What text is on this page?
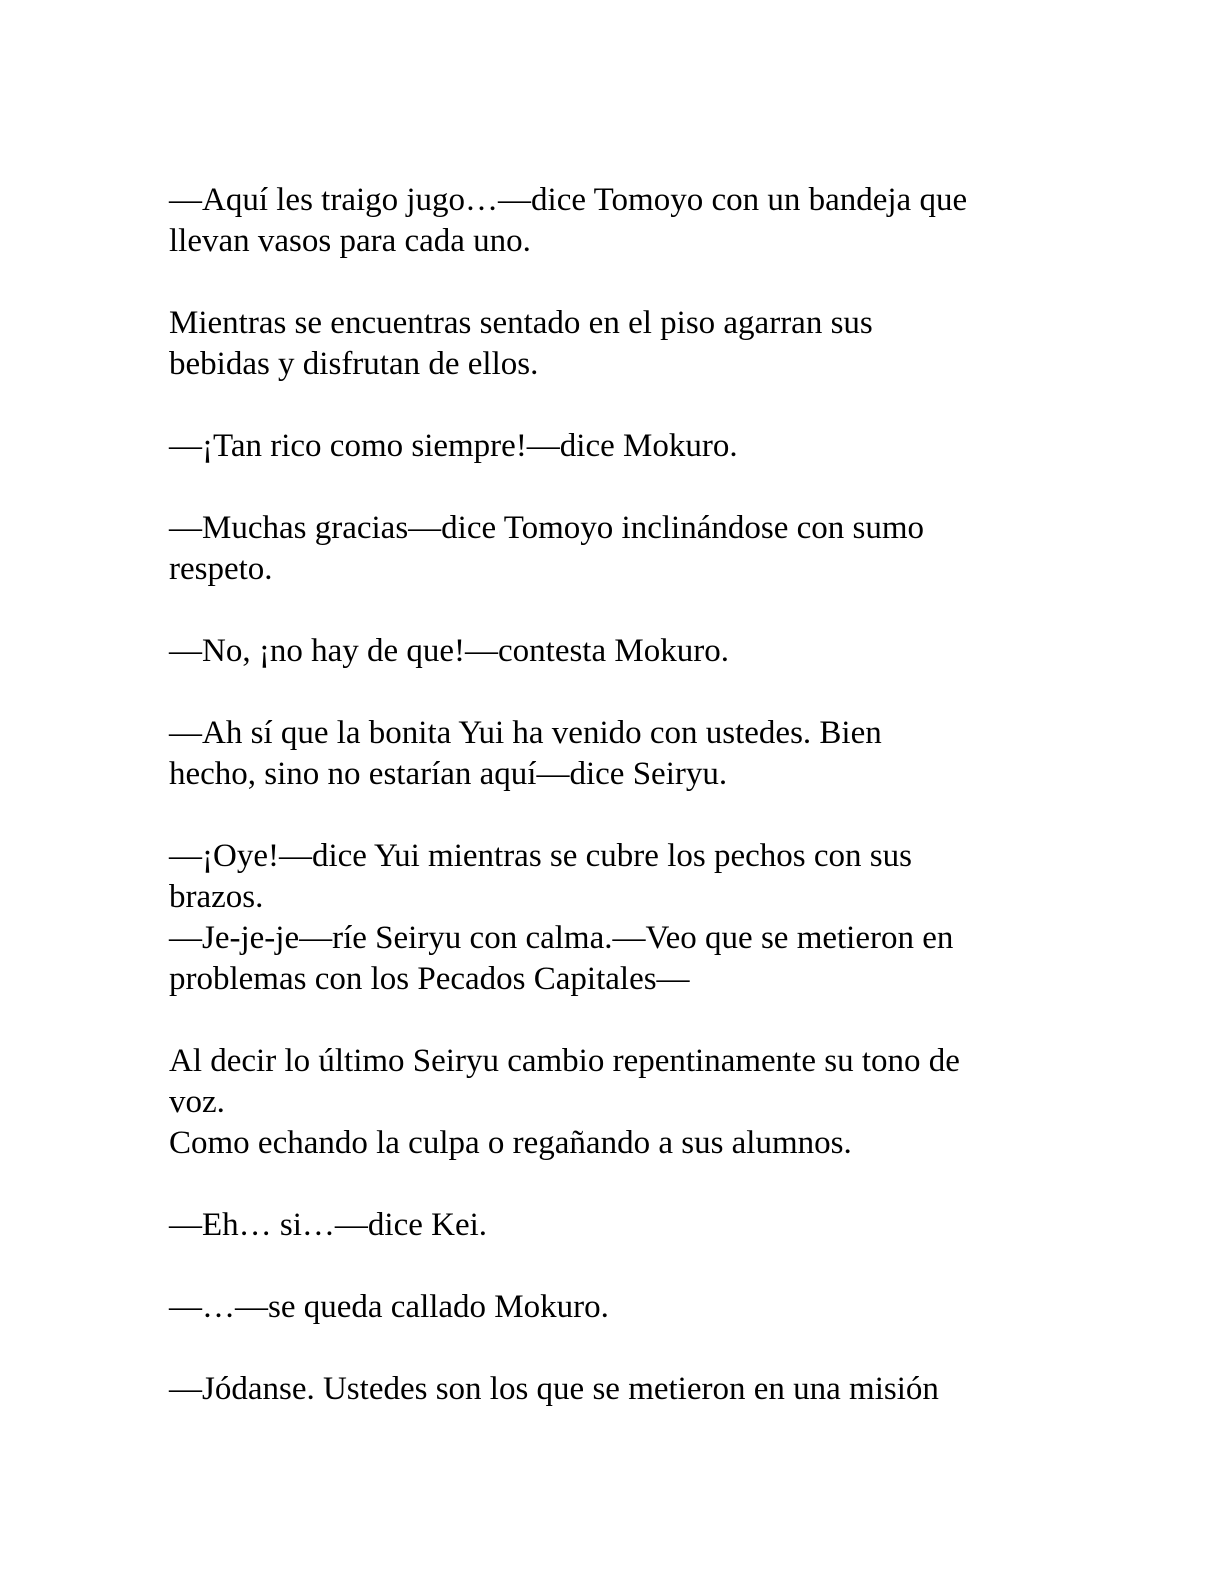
—Aquí les traigo jugo…—dice Tomoyo con un bandeja que
llevan vasos para cada uno.

Mientras se encuentras sentado en el piso agarran sus
bebidas y disfrutan de ellos.

—¡Tan rico como siempre!—dice Mokuro.

—Muchas gracias—dice Tomoyo inclinándose con sumo
respeto.

—No, ¡no hay de que!—contesta Mokuro.

—Ah sí que la bonita Yui ha venido con ustedes. Bien
hecho, sino no estarían aquí—dice Seiryu.

—¡Oye!—dice Yui mientras se cubre los pechos con sus
brazos.

—Je-je-je—ríe Seiryu con calma.—Veo que se metieron en
problemas con los Pecados Capitales—

Al decir lo último Seiryu cambio repentinamente su tono de
voz.

Como echando la culpa o regañando a sus alumnos.

—Eh… si…—dice Kei.

—…—se queda callado Mokuro.

—Jódanse. Ustedes son los que se metieron en una misión
